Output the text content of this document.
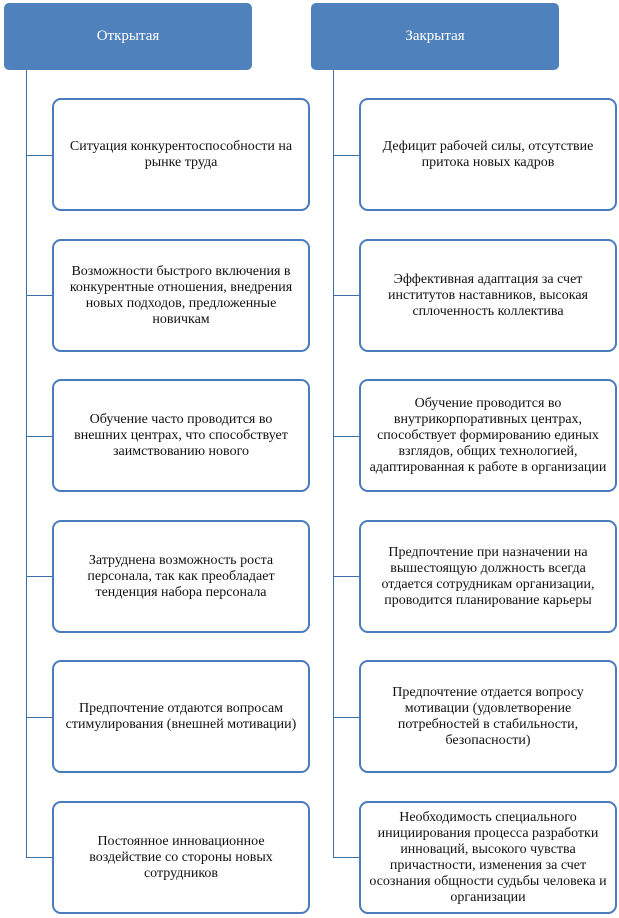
Открытая	Закрытая
Ситуация конкурентоспособности на рынке труда
Возможности быстрого включения в конкурентные отношения, внедрения новых подходов, предложенные новичкам
Обучение часто проводится во внешних центрах, что способствует заимствованию нового
Затруднена возможность роста персонала, так как преобладает тенденция набора персонала
Предпочтение отдаются вопросам стимулирования (внешней мотивации)
Постоянное инновационное воздействие со стороны новых сотрудников
Дефицит рабочей силы, отсутствие притока новых кадров
Эффективная адаптация за счет институтов наставников, высокая сплоченность коллектива
Обучение проводится во внутрикорпоративных центрах, способствует формированию единых взглядов, общих технологией, адаптированная к работе в организации
Предпочтение при назначении на вышестоящую должность всегда отдается сотрудникам организации, проводится планирование карьеры
Предпочтение отдается вопросу мотивации (удовлетворение потребностей в стабильности, безопасности)
Необходимость специального инициирования процесса разработки инноваций, высокого чувства причастности, изменения за счет осознания общности судьбы человека и организации
